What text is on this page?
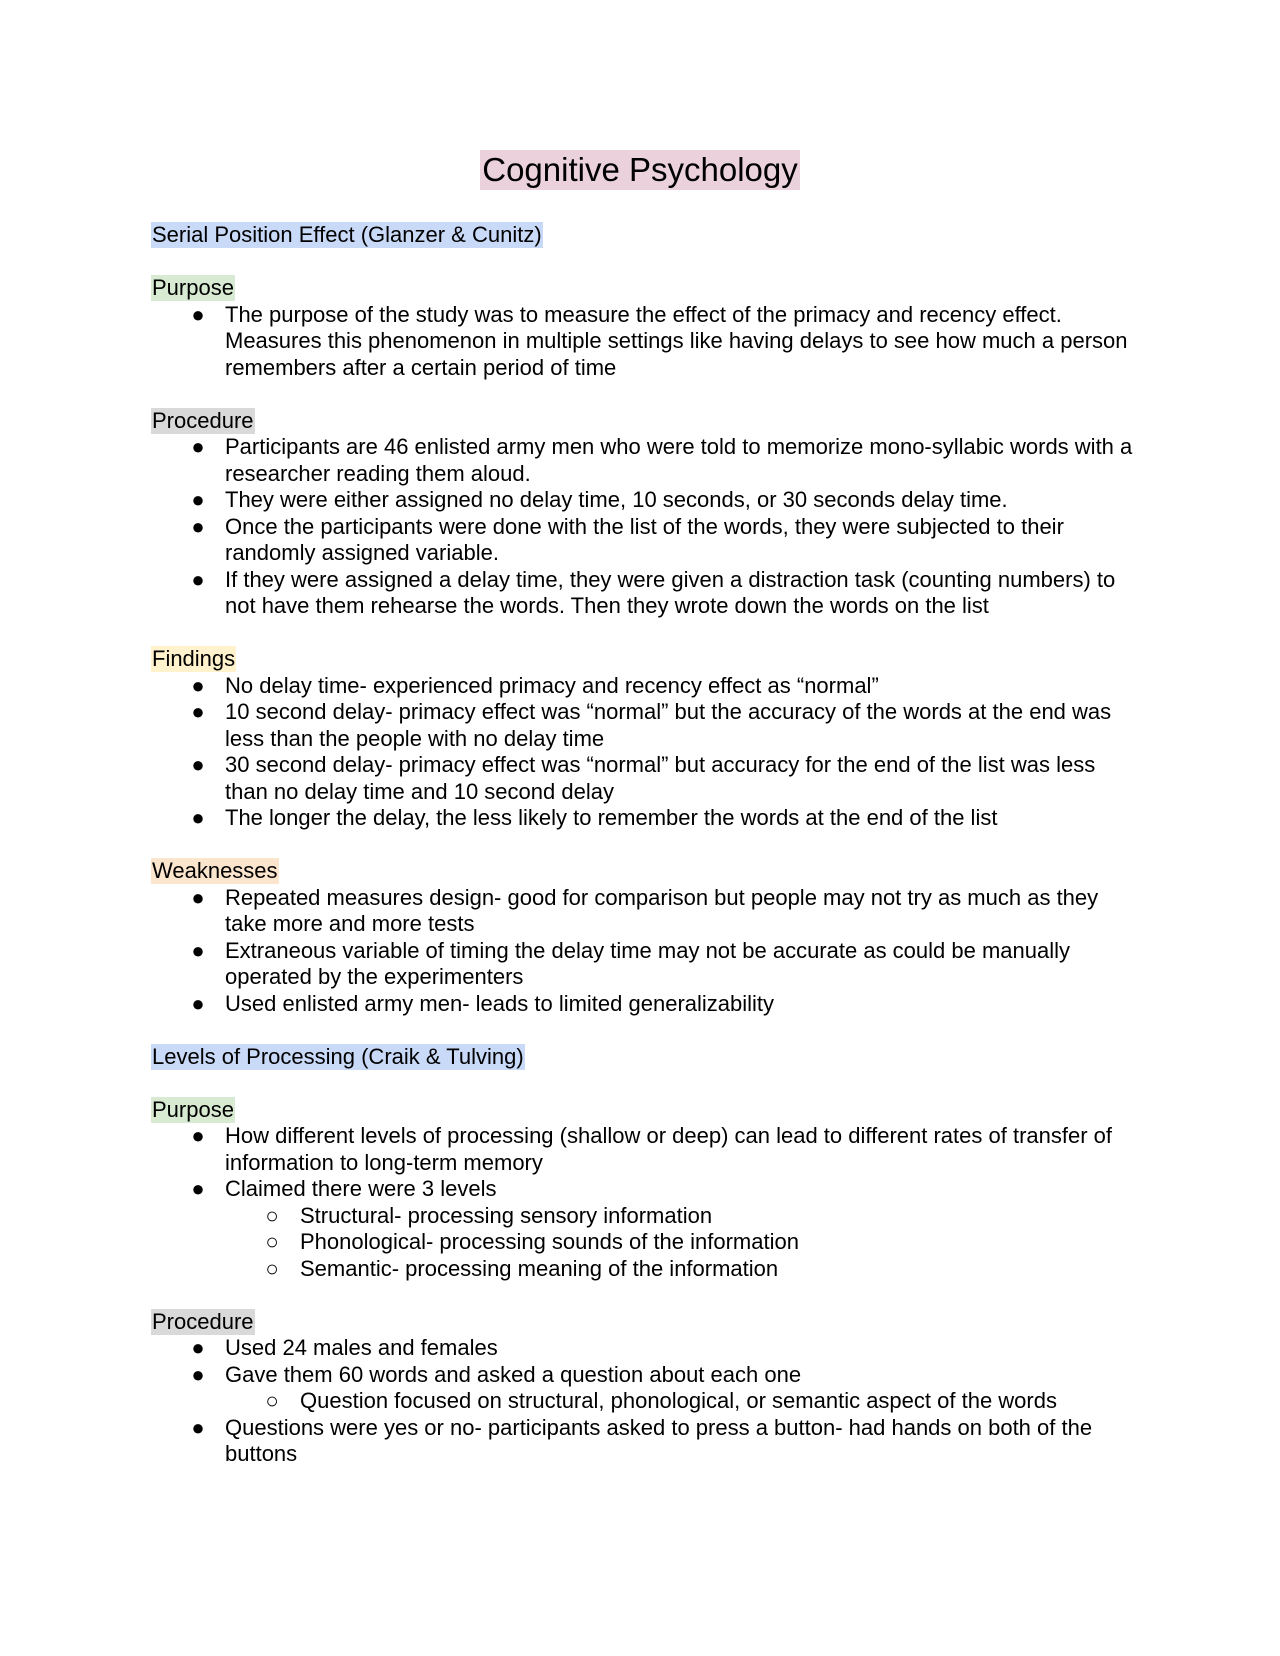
Cognitive Psychology
Serial Position Effect (Glanzer & Cunitz)
Purpose
● The purpose of the study was to measure the effect of the primacy and recency effect. Measures this phenomenon in multiple settings like having delays to see how much a person remembers after a certain period of time
Procedure
● Participants are 46 enlisted army men who were told to memorize mono-syllabic words with a researcher reading them aloud.
● They were either assigned no delay time, 10 seconds, or 30 seconds delay time.
● Once the participants were done with the list of the words, they were subjected to their randomly assigned variable.
● If they were assigned a delay time, they were given a distraction task (counting numbers) to not have them rehearse the words. Then they wrote down the words on the list
Findings
● No delay time- experienced primacy and recency effect as “normal”
● 10 second delay- primacy effect was “normal” but the accuracy of the words at the end was less than the people with no delay time
● 30 second delay- primacy effect was “normal” but accuracy for the end of the list was less than no delay time and 10 second delay
● The longer the delay, the less likely to remember the words at the end of the list
Weaknesses
● Repeated measures design- good for comparison but people may not try as much as they take more and more tests
● Extraneous variable of timing the delay time may not be accurate as could be manually operated by the experimenters
● Used enlisted army men- leads to limited generalizability
Levels of Processing (Craik & Tulving)
Purpose
● How different levels of processing (shallow or deep) can lead to different rates of transfer of information to long-term memory
● Claimed there were 3 levels
○ Structural- processing sensory information
○ Phonological- processing sounds of the information
○ Semantic- processing meaning of the information
Procedure
● Used 24 males and females
● Gave them 60 words and asked a question about each one
○ Question focused on structural, phonological, or semantic aspect of the words
● Questions were yes or no- participants asked to press a button- had hands on both of the buttons
